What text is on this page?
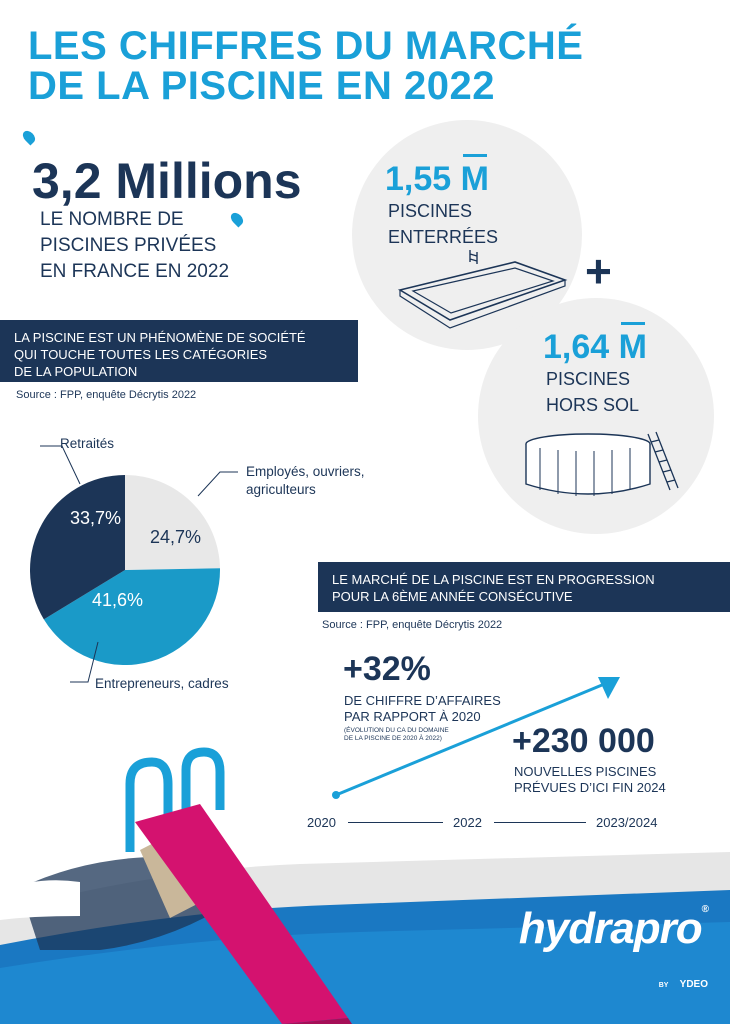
LES CHIFFRES DU MARCHÉ
DE LA PISCINE EN 2022
3,2 Millions
LE NOMBRE DE
PISCINES PRIVÉES
EN FRANCE EN 2022
1,55 M
PISCINES
ENTERRÉES
+
1,64 M
PISCINES
HORS SOL
LA PISCINE EST UN PHÉNOMÈNE DE SOCIÉTÉ
QUI TOUCHE TOUTES LES CATÉGORIES
DE LA POPULATION
Source : FPP, enquête Décrytis 2022
Retraités
Employés, ouvriers,
agriculteurs
Entrepreneurs, cadres
33,7%
24,7%
41,6%
LE MARCHÉ DE LA PISCINE EST EN PROGRESSION
POUR LA 6ÈME ANNÉE CONSÉCUTIVE
Source : FPP, enquête Décrytis 2022
+32%
DE CHIFFRE D’AFFAIRES
PAR RAPPORT À 2020
(ÉVOLUTION DU CA DU DOMAINE
DE LA PISCINE DE 2020 À 2022) +230 000
NOUVELLES PISCINES
PRÉVUES D’ICI FIN 2024
2020	2022	2023/2024
hydrapro®
BY YDEO
